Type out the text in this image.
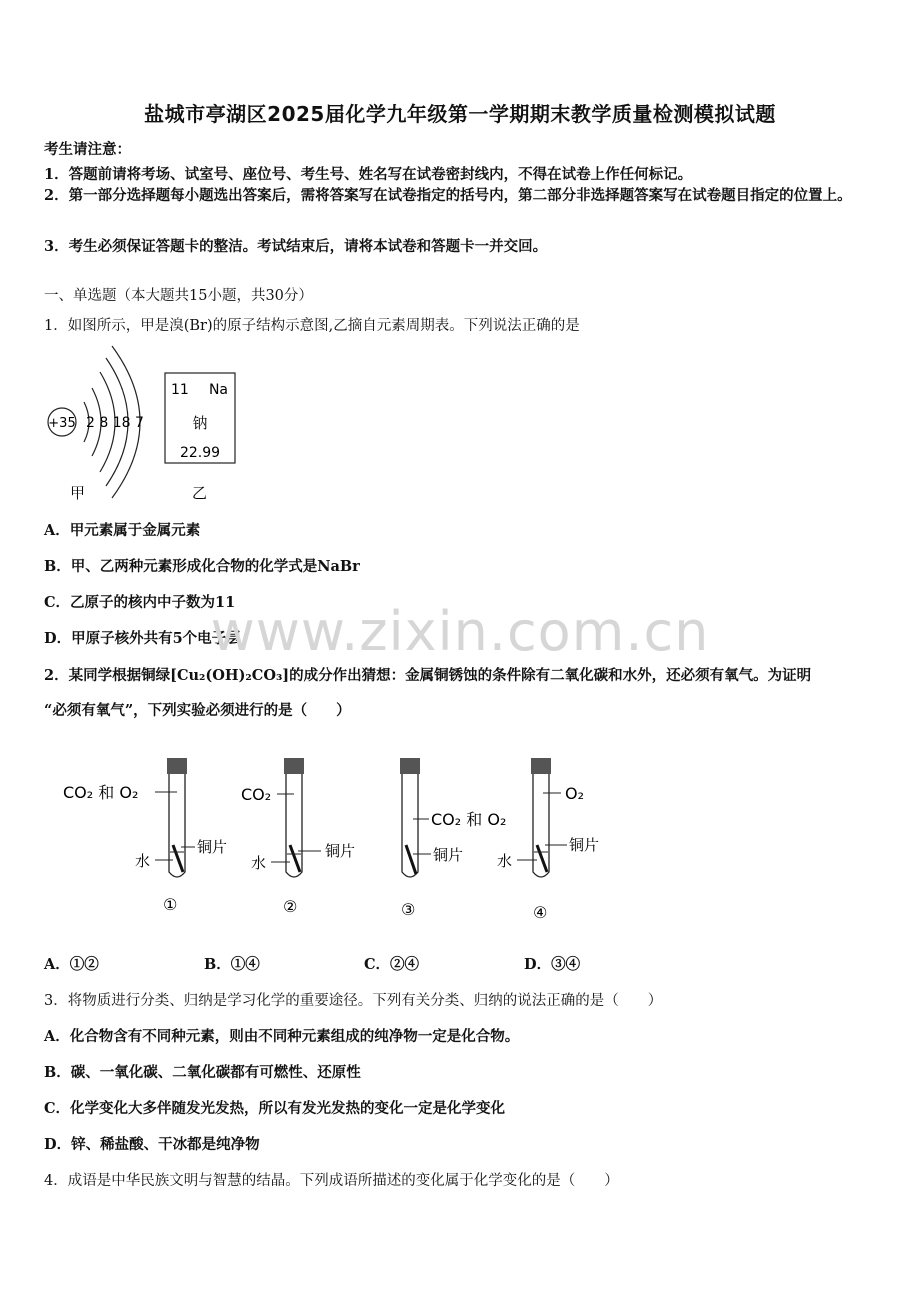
盐城市亭湖区2025届化学九年级第一学期期末教学质量检测模拟试题
考生请注意：
1．答题前请将考场、试室号、座位号、考生号、姓名写在试卷密封线内，不得在试卷上作任何标记。
2．第一部分选择题每小题选出答案后，需将答案写在试卷指定的括号内，第二部分非选择题答案写在试卷题目指定的位置上。
3．考生必须保证答题卡的整洁。考试结束后，请将本试卷和答题卡一并交回。
一、单选题（本大题共15小题，共30分）
1．如图所示，甲是溴(Br)的原子结构示意图,乙摘自元素周期表。下列说法正确的是
+35 2 8 18 7
甲
11 Na
钠
22.99
乙
A．甲元素属于金属元素
B．甲、乙两种元素形成化合物的化学式是NaBr
C．乙原子的核内中子数为11
D．甲原子核外共有5个电子层
www.zixin.com.cn
2．某同学根据铜绿[Cu₂(OH)₂CO₃]的成分作出猜想：金属铜锈蚀的条件除有二氧化碳和水外，还必须有氧气。为证明
“必须有氧气”，下列实验必须进行的是（　　）
CO₂ 和 O₂
铜片
水
①
CO₂
铜片
水
②
CO₂ 和 O₂
铜片
③
O₂
铜片
水
④
A．①②	B．①④	C．②④	D．③④
3．将物质进行分类、归纳是学习化学的重要途径。下列有关分类、归纳的说法正确的是（　　）
A．化合物含有不同种元素，则由不同种元素组成的纯净物一定是化合物。
B．碳、一氧化碳、二氧化碳都有可燃性、还原性
C．化学变化大多伴随发光发热，所以有发光发热的变化一定是化学变化
D．锌、稀盐酸、干冰都是纯净物
4．成语是中华民族文明与智慧的结晶。下列成语所描述的变化属于化学变化的是（　　）
